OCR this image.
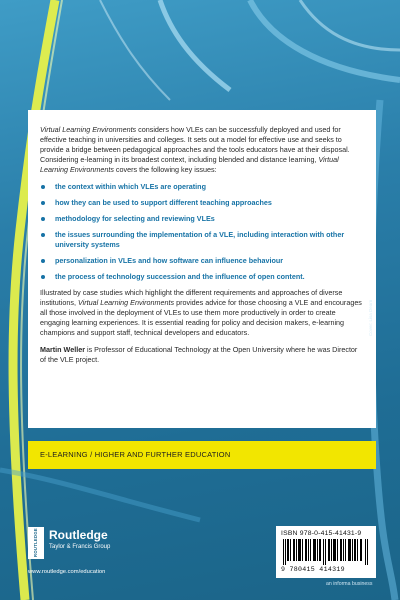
Virtual Learning Environments considers how VLEs can be successfully deployed and used for effective teaching in universities and colleges. It sets out a model for effective use and seeks to provide a bridge between pedagogical approaches and the tools educators have at their disposal. Considering e-learning in its broadest context, including blended and distance learning, Virtual Learning Environments covers the following key issues:

the context within which VLEs are operating
how they can be used to support different teaching approaches
methodology for selecting and reviewing VLEs
the issues surrounding the implementation of a VLE, including interaction with other university systems
personalization in VLEs and how software can influence behaviour
the process of technology succession and the influence of open content.

Illustrated by case studies which highlight the different requirements and approaches of diverse institutions, Virtual Learning Environments provides advice for those choosing a VLE and encourages all those involved in the deployment of VLEs to use them more productively in order to create engaging learning experiences. It is essential reading for policy and decision makers, e-learning champions and support staff, technical developers and educators.

Martin Weller is Professor of Educational Technology at the Open University where he was Director of the VLE project.

Cover: Lisa Dearn
E-LEARNING / HIGHER AND FURTHER EDUCATION
ROUTLEDGE Routledge
Taylor & Francis Group
www.routledge.com/education
ISBN 978-0-415-41431-9
9 780415 414319
an informa business
